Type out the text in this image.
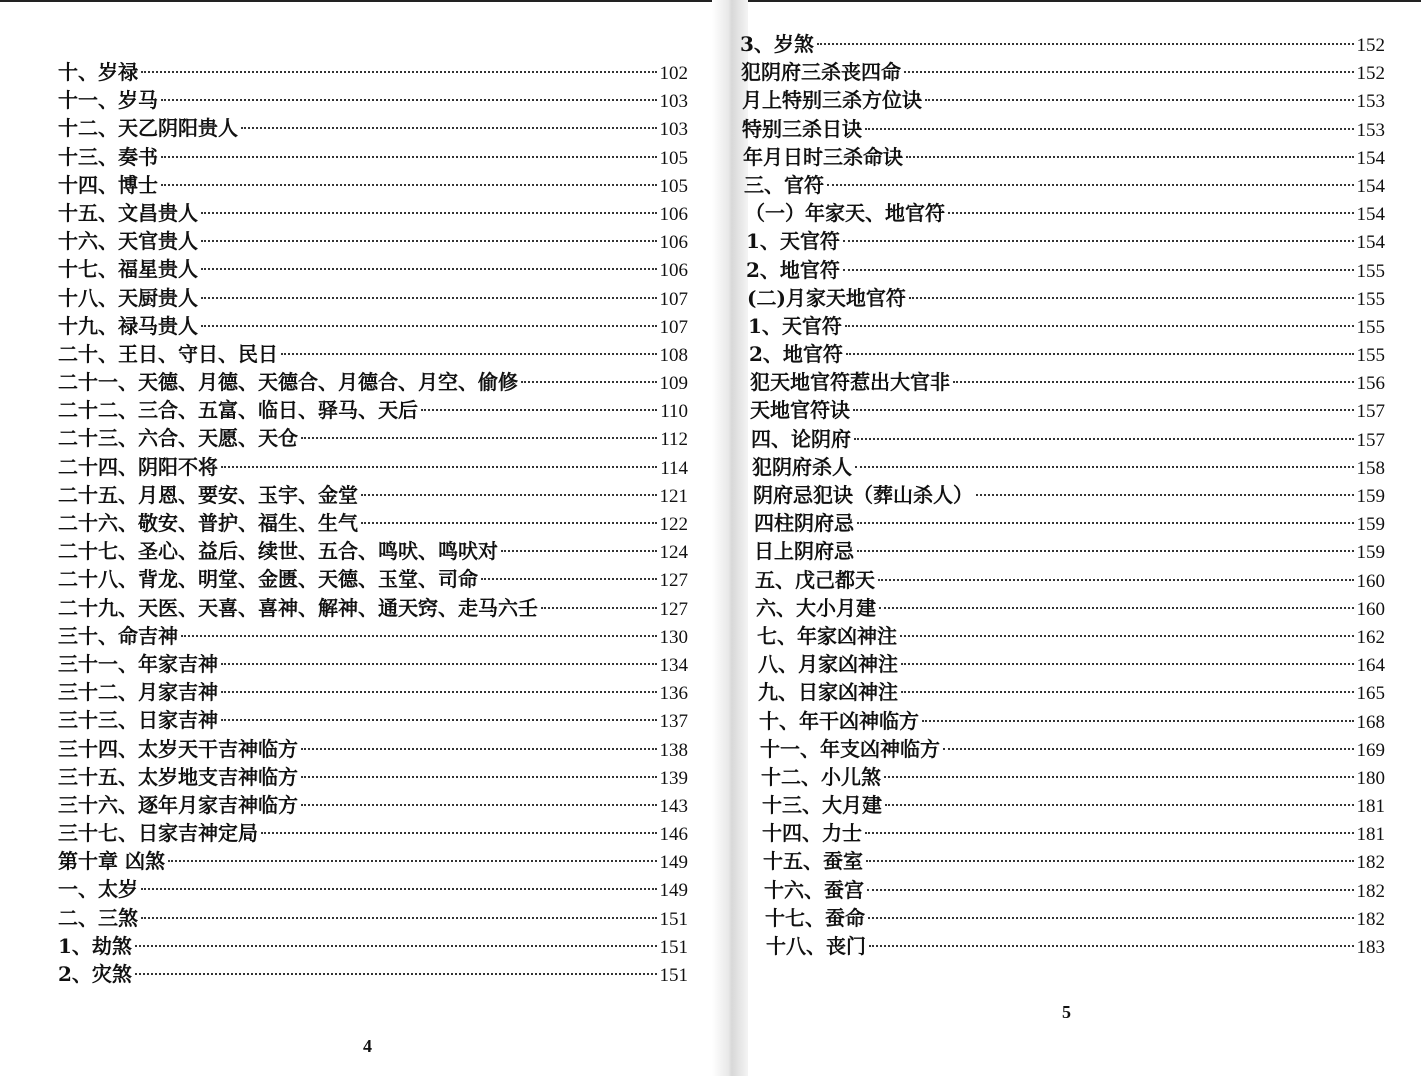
十、岁禄	102
十一、岁马	103
十二、天乙阴阳贵人	103
十三、奏书	105
十四、博士	105
十五、文昌贵人	106
十六、天官贵人	106
十七、福星贵人	106
十八、天厨贵人	107
十九、禄马贵人	107
二十、王日、守日、民日	108
二十一、天德、月德、天德合、月德合、月空、偷修	109
二十二、三合、五富、临日、驿马、天后	110
二十三、六合、天愿、天仓	112
二十四、阴阳不将	114
二十五、月恩、要安、玉宇、金堂	121
二十六、敬安、普护、福生、生气	122
二十七、圣心、益后、续世、五合、鸣吠、鸣吠对	124
二十八、背龙、明堂、金匮、天德、玉堂、司命	127
二十九、天医、天喜、喜神、解神、通天窍、走马六壬	127
三十、命吉神	130
三十一、年家吉神	134
三十二、月家吉神	136
三十三、日家吉神	137
三十四、太岁天干吉神临方	138
三十五、太岁地支吉神临方	139
三十六、逐年月家吉神临方	143
三十七、日家吉神定局	146
第十章 凶煞	149
一、太岁	149
二、三煞	151
1、劫煞	151
2、灾煞	151
4
3、岁煞	152
犯阴府三杀丧四命	152
月上特别三杀方位诀	153
特别三杀日诀	153
年月日时三杀命诀	154
三、官符	154
（一）年家天、地官符	154
1、天官符	154
2、地官符	155
(二)月家天地官符	155
1、天官符	155
2、地官符	155
犯天地官符惹出大官非	156
天地官符诀	157
四、论阴府	157
犯阴府杀人	158
阴府忌犯诀（葬山杀人）	159
四柱阴府忌	159
日上阴府忌	159
五、戊己都天	160
六、大小月建	160
七、年家凶神注	162
八、月家凶神注	164
九、日家凶神注	165
十、年干凶神临方	168
十一、年支凶神临方	169
十二、小儿煞	180
十三、大月建	181
十四、力士	181
十五、蚕室	182
十六、蚕宫	182
十七、蚕命	182
十八、丧门	183
5
